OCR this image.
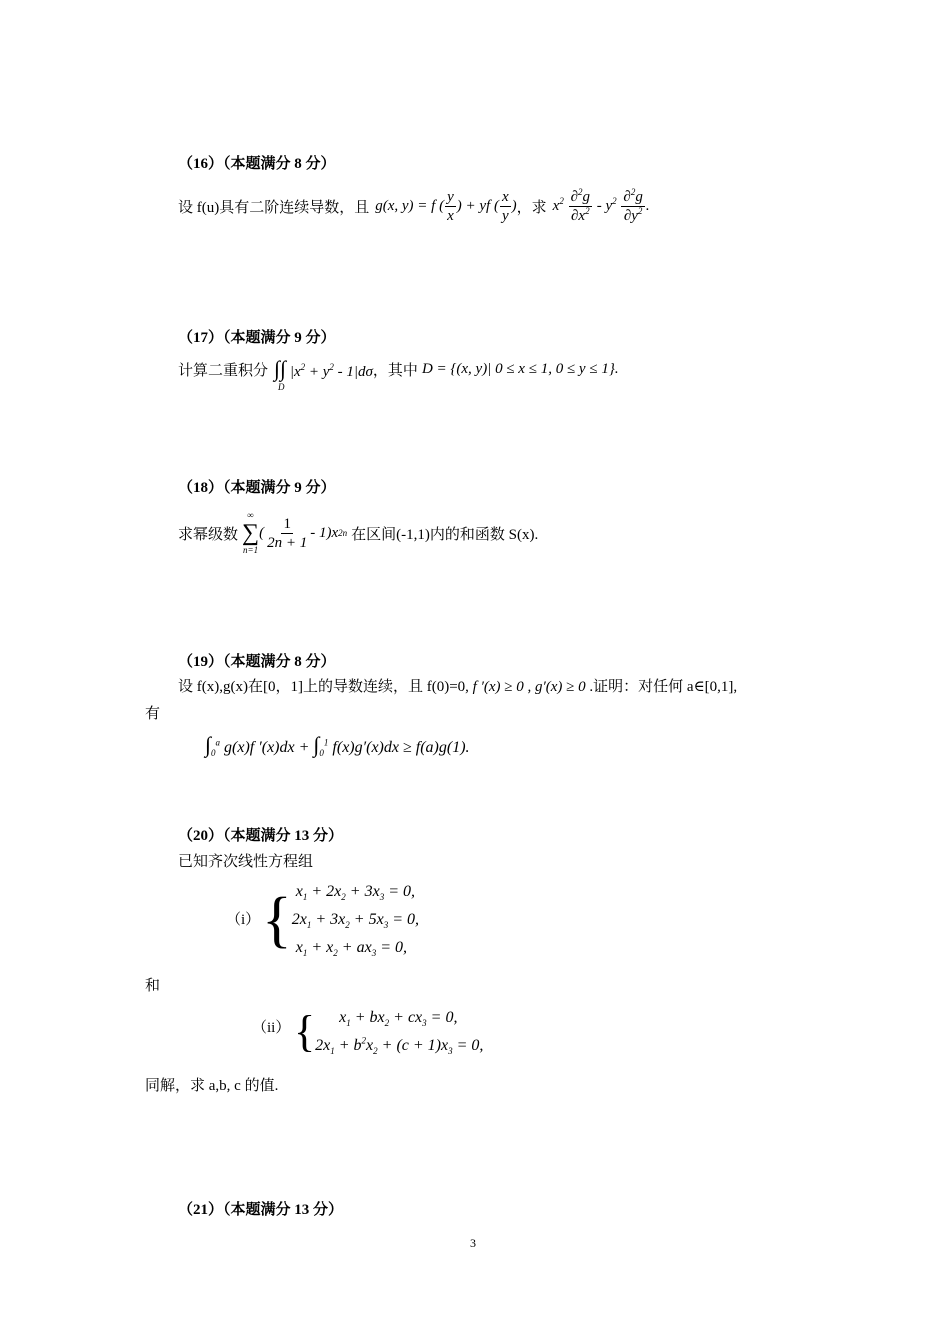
（16）（本题满分 8 分）
设 f(u)具有二阶连续导数，且 g(x, y) = f ( $\frac{y}{x}$ ) + yf ( $\frac{x}{y}$ ) ，求 $x^2 \frac{\partial^2g}{\partial x^2} - y^2 \frac{\partial^2g}{\partial y^2}$ .
（17）（本题满分 9 分）
计算二重积分 ∫∫
D
$|x^2 + y^2 - 1|d\sigma$ ，其中 D = {(x, y)| 0 ≤ x ≤ 1, 0 ≤ y ≤ 1}.
（18）（本题满分 9 分）
求幂级数
∞
∑
n=1
( $\frac{1}{2n + 1} - 1)x$ 2n 在区间(-1,1)内的和函数 S(x).
（19）（本题满分 8 分）
设 f(x),g(x)在[0，1]上的导数连续，且 f(0)=0, f ′(x) ≥ 0 , g′(x) ≥ 0 .证明：对任何 a∈[0,1],
有
$\int_0^a$ g(x)f $'(x)dx + \int_0^1$ f(x)g′(x)dx ≥ f(a)g(1).
（20）（本题满分 13 分）
已知齐次线性方程组
（i） { $x_1 + 2x_2 + 3x_3 = 0$,
$2x_1 + 3x_2 + 5x_3 = 0$,
$x_1 + x_2 + ax_3 = 0$,
和
（ii） { $x_1 + bx_2 + cx_3 = 0$,
$2x_1 + b^2x_2 + (c + 1)x_3 = 0$,
同解，求 a,b, c 的值.
（21）（本题满分 13 分）
3
